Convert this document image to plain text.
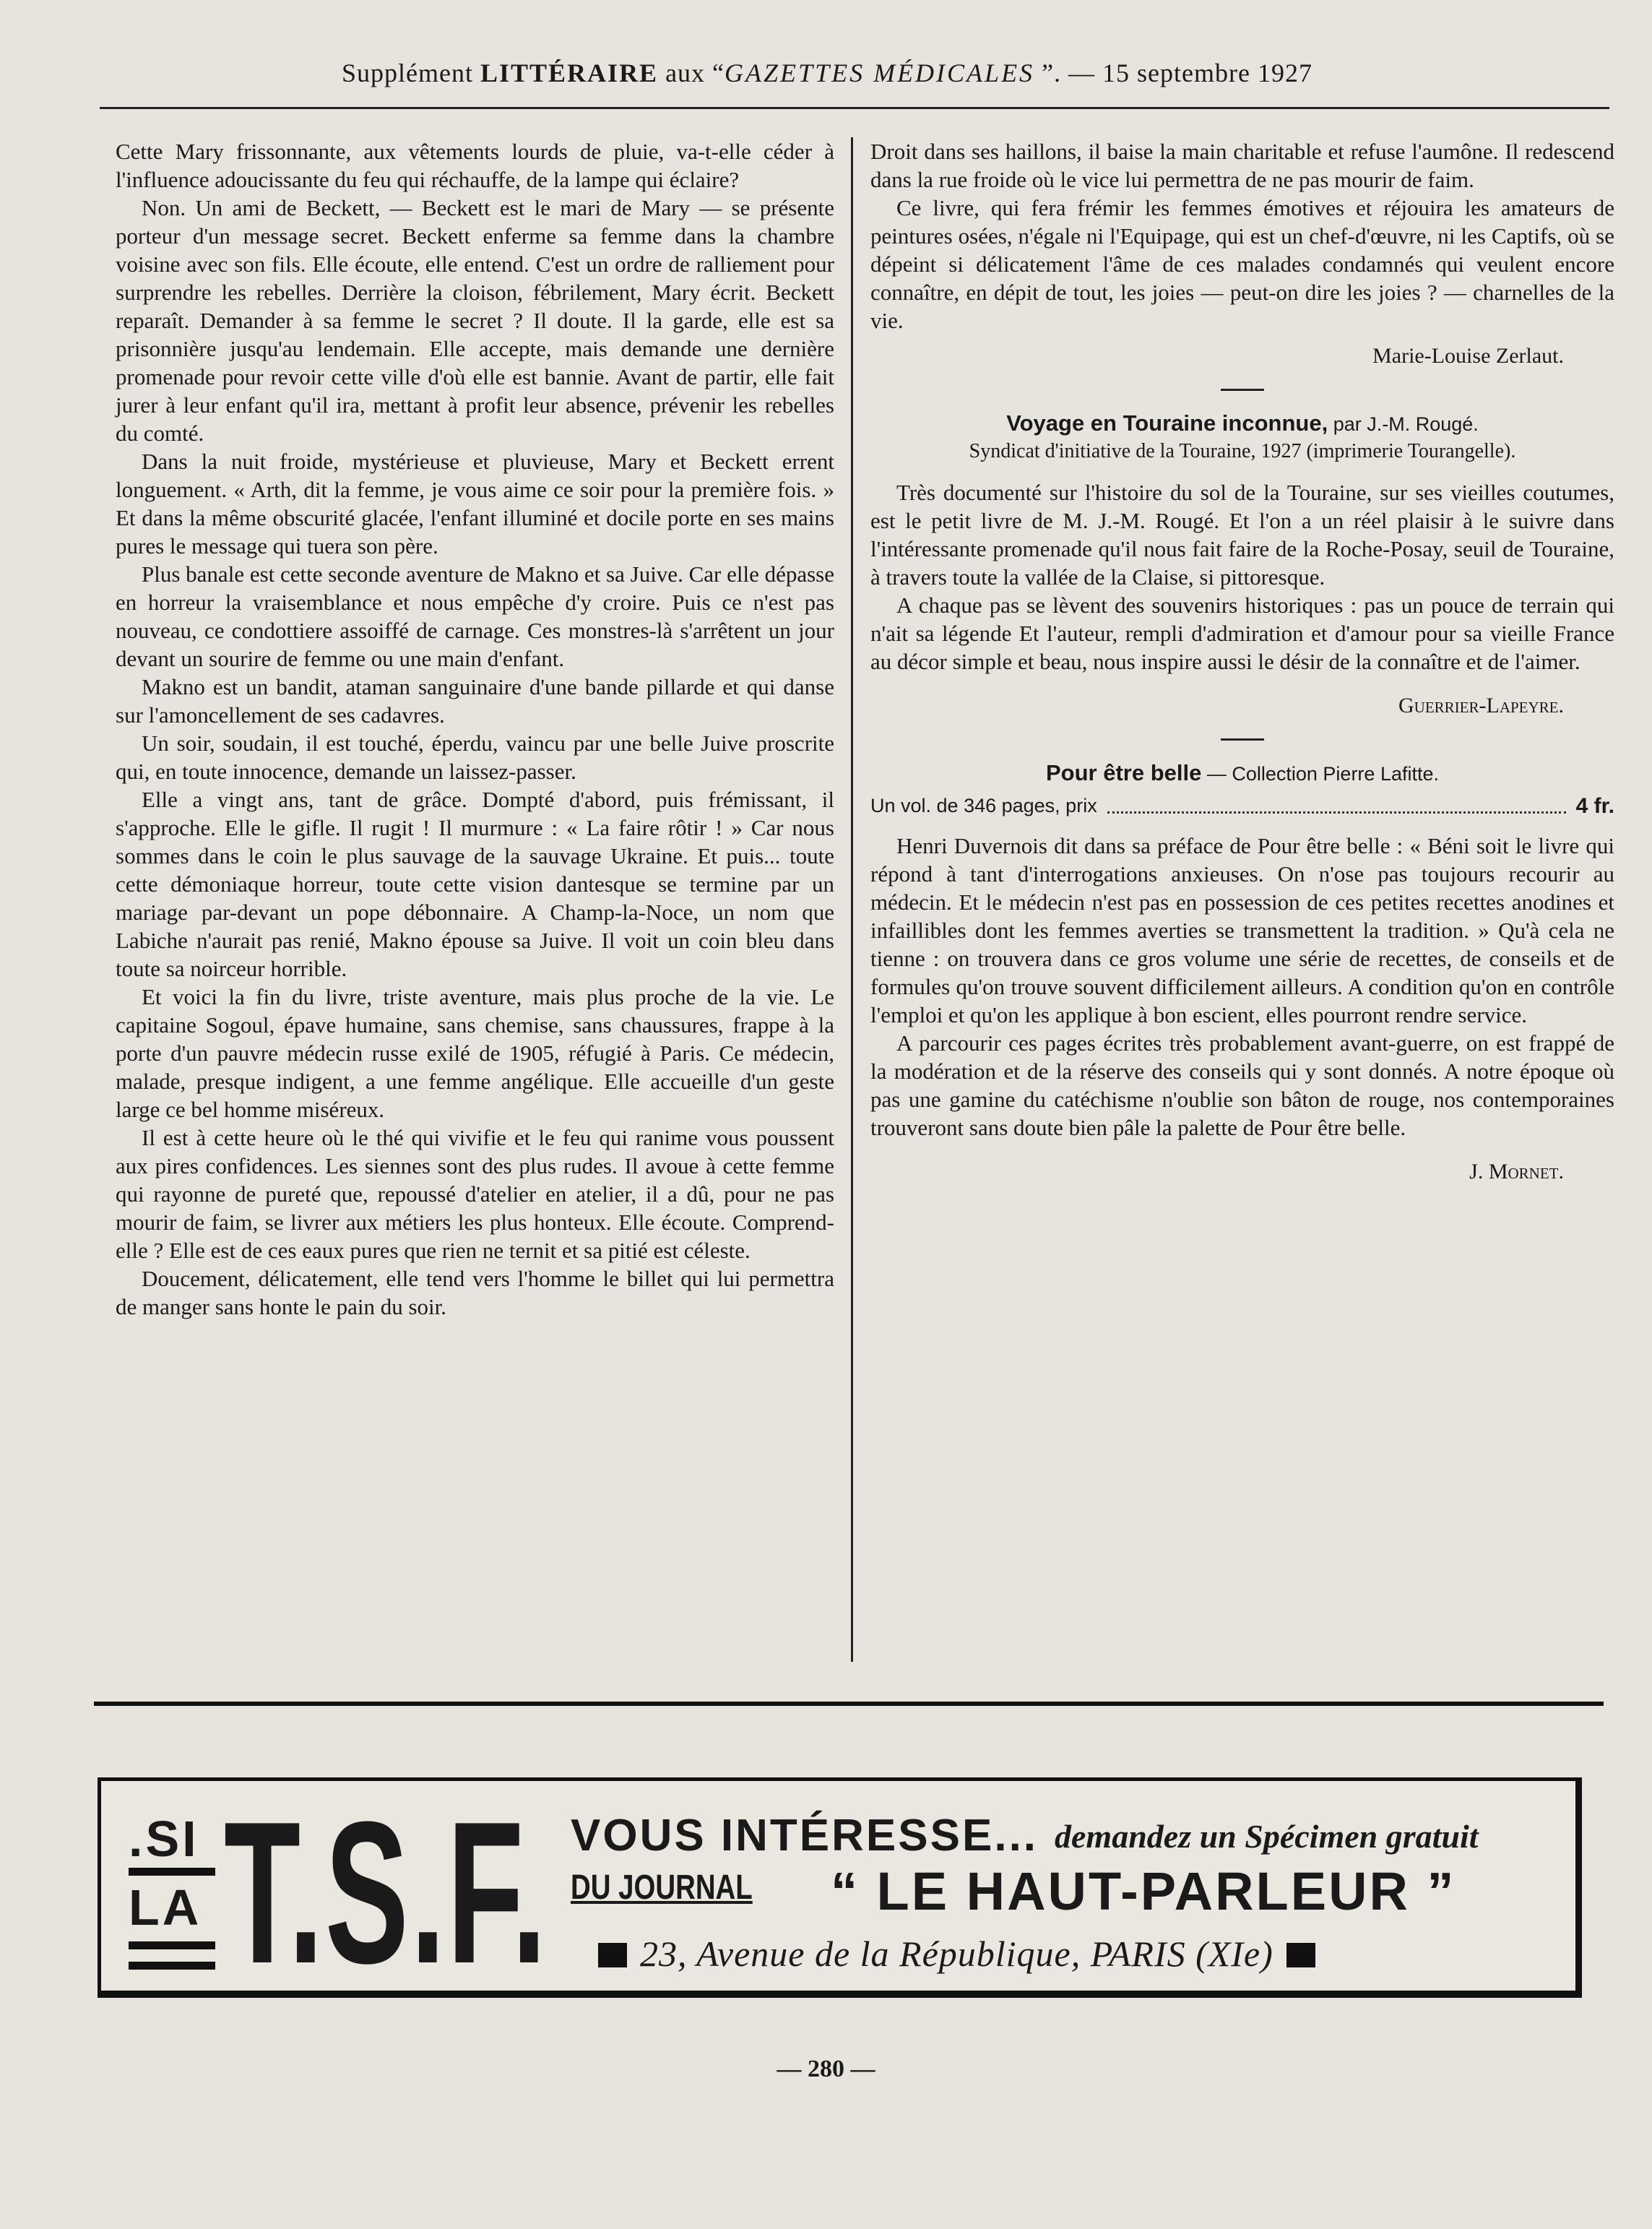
Supplément LITTÉRAIRE aux “GAZETTES MÉDICALES ”. — 15 septembre 1927

Cette Mary frissonnante, aux vêtements lourds de pluie, va-t-elle céder à l'influence adoucissante du feu qui réchauffe, de la lampe qui éclaire?

Non. Un ami de Beckett, — Beckett est le mari de Mary — se présente porteur d'un message secret. Beckett enferme sa femme dans la chambre voisine avec son fils. Elle écoute, elle entend. C'est un ordre de ralliement pour surprendre les rebelles. Derrière la cloison, fébrilement, Mary écrit. Beckett reparaît. Demander à sa femme le secret ? Il doute. Il la garde, elle est sa prisonnière jusqu'au lendemain. Elle accepte, mais demande une dernière promenade pour revoir cette ville d'où elle est bannie. Avant de partir, elle fait jurer à leur enfant qu'il ira, mettant à profit leur absence, prévenir les rebelles du comté.

Dans la nuit froide, mystérieuse et pluvieuse, Mary et Beckett errent longuement. « Arth, dit la femme, je vous aime ce soir pour la première fois. » Et dans la même obscurité glacée, l'enfant illuminé et docile porte en ses mains pures le message qui tuera son père.

Plus banale est cette seconde aventure de Makno et sa Juive. Car elle dépasse en horreur la vraisemblance et nous empêche d'y croire. Puis ce n'est pas nouveau, ce condottiere assoiffé de carnage. Ces monstres-là s'arrêtent un jour devant un sourire de femme ou une main d'enfant.

Makno est un bandit, ataman sanguinaire d'une bande pillarde et qui danse sur l'amoncellement de ses cadavres.

Un soir, soudain, il est touché, éperdu, vaincu par une belle Juive proscrite qui, en toute innocence, demande un laissez-passer.

Elle a vingt ans, tant de grâce. Dompté d'abord, puis frémissant, il s'approche. Elle le gifle. Il rugit ! Il murmure : « La faire rôtir ! » Car nous sommes dans le coin le plus sauvage de la sauvage Ukraine. Et puis... toute cette démoniaque horreur, toute cette vision dantesque se termine par un mariage par-devant un pope débonnaire. A Champ-la-Noce, un nom que Labiche n'aurait pas renié, Makno épouse sa Juive. Il voit un coin bleu dans toute sa noirceur horrible.

Et voici la fin du livre, triste aventure, mais plus proche de la vie. Le capitaine Sogoul, épave humaine, sans chemise, sans chaussures, frappe à la porte d'un pauvre médecin russe exilé de 1905, réfugié à Paris. Ce médecin, malade, presque indigent, a une femme angélique. Elle accueille d'un geste large ce bel homme miséreux.

Il est à cette heure où le thé qui vivifie et le feu qui ranime vous poussent aux pires confidences. Les siennes sont des plus rudes. Il avoue à cette femme qui rayonne de pureté que, repoussé d'atelier en atelier, il a dû, pour ne pas mourir de faim, se livrer aux métiers les plus honteux. Elle écoute. Comprend-elle ? Elle est de ces eaux pures que rien ne ternit et sa pitié est céleste.

Doucement, délicatement, elle tend vers l'homme le billet qui lui permettra de manger sans honte le pain du soir.

Droit dans ses haillons, il baise la main charitable et refuse l'aumône. Il redescend dans la rue froide où le vice lui permettra de ne pas mourir de faim.

Ce livre, qui fera frémir les femmes émotives et réjouira les amateurs de peintures osées, n'égale ni l'Equipage, qui est un chef-d'œuvre, ni les Captifs, où se dépeint si délicatement l'âme de ces malades condamnés qui veulent encore connaître, en dépit de tout, les joies — peut-on dire les joies ? — charnelles de la vie.

Marie-Louise Zerlaut.
Voyage en Touraine inconnue, par J.-M. Rougé.
Syndicat d'initiative de la Touraine, 1927 (imprimerie Tourangelle).

Très documenté sur l'histoire du sol de la Touraine, sur ses vieilles coutumes, est le petit livre de M. J.-M. Rougé. Et l'on a un réel plaisir à le suivre dans l'intéressante promenade qu'il nous fait faire de la Roche-Posay, seuil de Touraine, à travers toute la vallée de la Claise, si pittoresque.

A chaque pas se lèvent des souvenirs historiques : pas un pouce de terrain qui n'ait sa légende Et l'auteur, rempli d'admiration et d'amour pour sa vieille France au décor simple et beau, nous inspire aussi le désir de la connaître et de l'aimer.

Guerrier-Lapeyre.
Pour être belle — Collection Pierre Lafitte.
Un vol. de 346 pages, prix	4 fr.

Henri Duvernois dit dans sa préface de Pour être belle : « Béni soit le livre qui répond à tant d'interrogations anxieuses. On n'ose pas toujours recourir au médecin. Et le médecin n'est pas en possession de ces petites recettes anodines et infaillibles dont les femmes averties se transmettent la tradition. » Qu'à cela ne tienne : on trouvera dans ce gros volume une série de recettes, de conseils et de formules qu'on trouve souvent difficilement ailleurs. A condition qu'on en contrôle l'emploi et qu'on les applique à bon escient, elles pourront rendre service.

A parcourir ces pages écrites très probablement avant-guerre, on est frappé de la modération et de la réserve des conseils qui y sont donnés. A notre époque où pas une gamine du catéchisme n'oublie son bâton de rouge, nos contemporaines trouveront sans doute bien pâle la palette de Pour être belle.

J. Mornet.
.SI
LA T.S.F. VOUS INTÉRESSE... demandez un Spécimen gratuit
DU JOURNAL “ LE HAUT-PARLEUR ”
23, Avenue de la République, PARIS (XIe)
— 280 —
